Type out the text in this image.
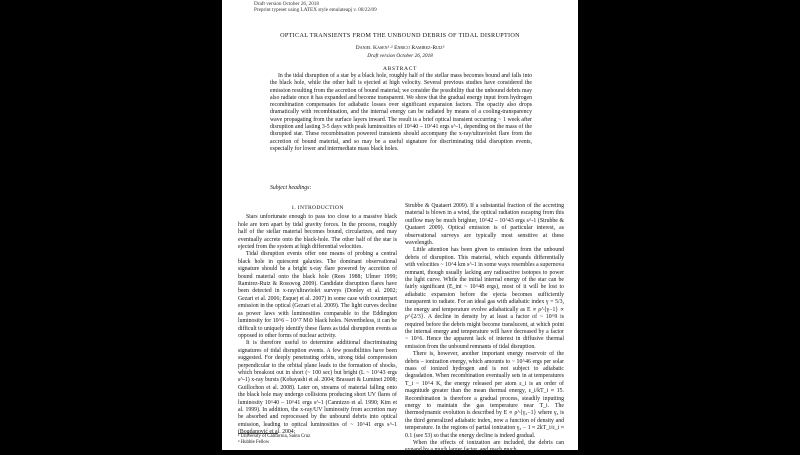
Draft version October 26, 2018
Preprint typeset using LATEX style emulateapj v. 08/22/09
OPTICAL TRANSIENTS FROM THE UNBOUND DEBRIS OF TIDAL DISRUPTION
Daniel Kasen¹·² Enrico Ramirez-Ruiz²
Draft version October 26, 2018
ABSTRACT

In the tidal disruption of a star by a black hole, roughly half of the stellar mass becomes bound and falls into the black hole, while the other half is ejected at high velocity. Several previous studies have considered the emission resulting from the accretion of bound material; we consider the possibility that the unbound debris may also radiate once it has expanded and become transparent. We show that the gradual energy input from hydrogen recombination compensates for adiabatic losses over significant expansion factors. The opacity also drops dramatically with recombination, and the internal energy can be radiated by means of a cooling-transparency wave propagating from the surface layers inward. The result is a brief optical transient occurring ~ 1 week after disruption and lasting 3-5 days with peak luminosities of 10^40 – 10^41 ergs s^-1, depending on the mass of the disrupted star. These recombination powered transients should accompany the x-ray/ultraviolet flare from the accretion of bound material, and so may be a useful signature for discriminating tidal disruption events, especially for lower and intermediate mass black holes.

Subject headings:
1. INTRODUCTION

Stars unfortunate enough to pass too close to a massive black hole are torn apart by tidal gravity forces. In the process, roughly half of the stellar material becomes bound, circularizes, and may eventually accrete onto the black-hole. The other half of the star is ejected from the system at high differential velocities.

Tidal disruption events offer one means of probing a central black hole in quiescent galaxies. The dominant observational signature should be a bright x-ray flare powered by accretion of bound material onto the black hole (Rees 1988; Ulmer 1999; Ramirez-Ruiz & Rosswog 2009). Candidate disruption flares have been detected in x-ray/ultraviolet surveys (Donley et al. 2002; Gezari et al. 2006; Esquej et al. 2007) in some case with counterpart emission in the optical (Gezari et al. 2009). The light curves decline as power laws with luminosities comparable to the Eddington luminosity for 10^6 – 10^7 M⊙ black holes. Nevertheless, it can be difficult to uniquely identify these flares as tidal disruption events as opposed to other forms of nuclear activity.

It is therefore useful to determine additional discriminating signatures of tidal disruption events. A few possibilities have been suggested. For deeply penetrating orbits, strong tidal compression perpendicular to the orbital plane leads to the formation of shocks, which breakout out in short (~ 100 sec) but bright (L ~ 10^43 ergs s^-1) x-ray bursts (Kobayashi et al. 2004; Brassart & Luminet 2008; Guillochon et al. 2008). Later on, streams of material falling onto the black hole may undergo collisions producing short UV flares of luminosity 10^40 – 10^41 ergs s^-1 (Cannizzo et al. 1990; Kim et al. 1999). In addition, the x-ray/UV luminosity from accretion may be absorbed and reprocessed by the unbound debris into optical emission, leading to optical luminosities of ~ 10^41 ergs s^-1 (Bogdanović et al. 2004;

¹ University of California, Santa Cruz
² Hubble Fellow

Strubbe & Quataert 2009). If a substantial fraction of the accreting material is blown in a wind, the optical radiation escaping from this outflow may be much brighter, 10^42 – 10^43 ergs s^-1 (Strubbe & Quataert 2009). Optical emission is of particular interest, as observational surveys are typically most sensitive at these wavelength.

Little attention has been given to emission from the unbound debris of disruption. This material, which expands differentially with velocities ~ 10^4 km s^-1 in some ways resembles a supernova remnant, though usually lacking any radioactive isotopes to power the light curve. While the initial internal energy of the star can be fairly significant (E_int ~ 10^48 ergs), most of it will be lost to adiabatic expansion before the ejecta becomes sufficiently transparent to radiate. For an ideal gas with adiabatic index γ = 5/3, the energy and temperature evolve adiabatically as E ∝ ρ^{γ−1} ∝ ρ^{2/3}. A decline in density by at least a factor of ~ 10^9 is required before the debris might become translucent, at which point the internal energy and temperature will have decreased by a factor ~ 10^6. Hence the apparent lack of interest in diffusive thermal emission from the unbound remnants of tidal disruption.

There is, however, another important energy reservoir of the debris – ionization energy, which amounts to ~ 10^46 ergs per solar mass of ionized hydrogen and is not subject to adiabatic degradation. When recombination eventually sets in at temperatures T_i ~ 10^4 K, the energy released per atom ε_i is an order of magnitude greater than the mean thermal energy, ε_i/kT_i ≈ 15. Recombination is therefore a gradual process, steadily inputting energy to maintain the gas temperature near T_i. The thermodynamic evolution is described by E ∝ ρ^{γ₃−1} where γ₃ is the third generalized adiabatic index, now a function of density and temperature. In the regions of partial ionization γ₃ − 1 ≈ 2kT_i/ε_i ≈ 0.1 (see 53) so that the energy decline is indeed gradual.

When the effects of ionization are included, the debris can expand by a much larger factor, and reach much
